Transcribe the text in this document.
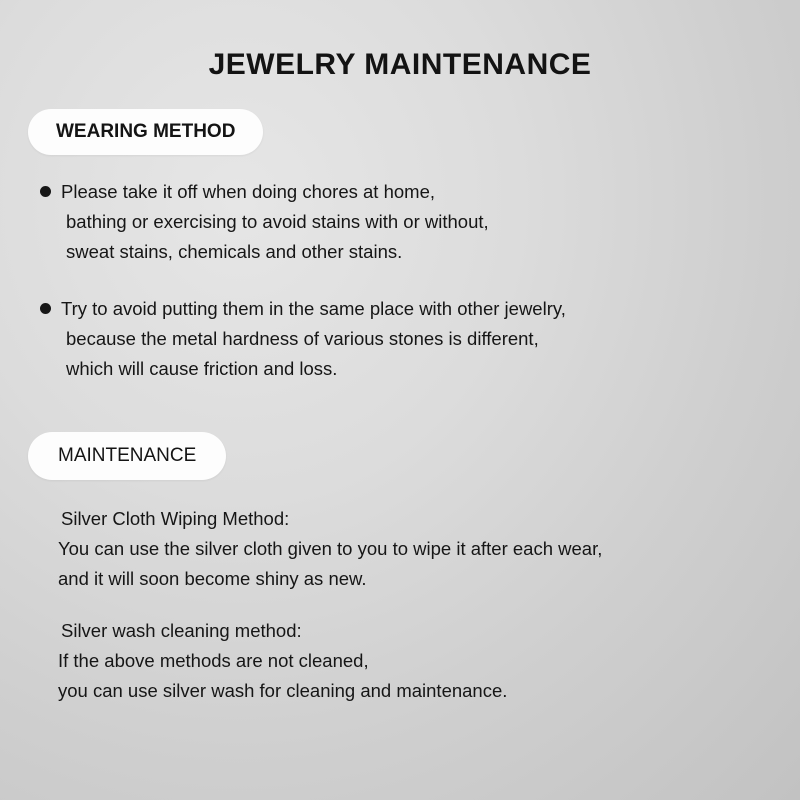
JEWELRY MAINTENANCE
WEARING METHOD
Please take it off when doing chores at home,
bathing or exercising to avoid stains with or without,
sweat stains, chemicals and other stains.
Try to avoid putting them in the same place with other jewelry,
because the metal hardness of various stones is different,
which will cause friction and loss.
MAINTENANCE
Silver Cloth Wiping Method:
You can use the silver cloth given to you to wipe it after each wear,
and it will soon become shiny as new.
Silver wash cleaning method:
If the above methods are not cleaned,
you can use silver wash for cleaning and maintenance.
